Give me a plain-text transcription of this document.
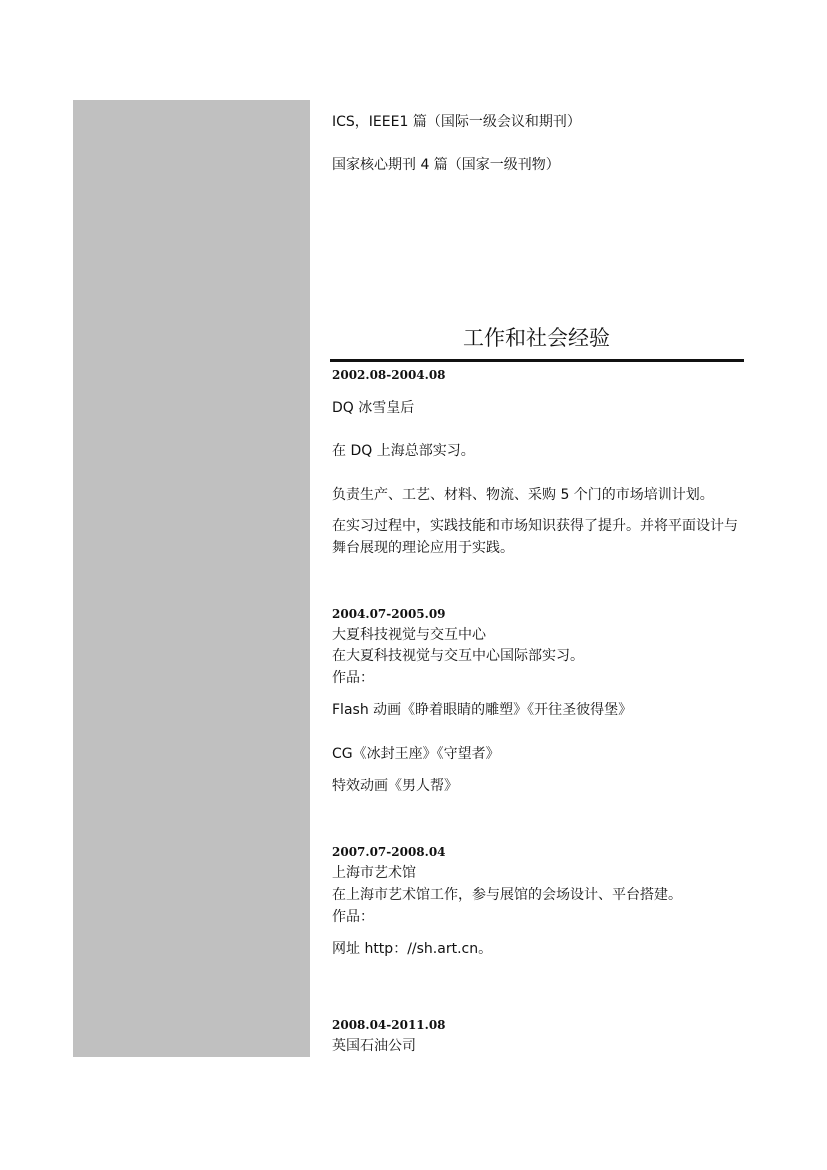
ICS，IEEE1 篇（国际一级会议和期刊）
国家核心期刊 4 篇（国家一级刊物）
工作和社会经验
2002.08-2004.08
DQ 冰雪皇后
在 DQ 上海总部实习。
负责生产、工艺、材料、物流、采购 5 个门的市场培训计划。
在实习过程中，实践技能和市场知识获得了提升。并将平面设计与舞台展现的理论应用于实践。
2004.07-2005.09
大夏科技视觉与交互中心
在大夏科技视觉与交互中心国际部实习。
作品：
Flash 动画《睁着眼睛的雕塑》《开往圣彼得堡》
CG《冰封王座》《守望者》
特效动画《男人帮》
2007.07-2008.04
上海市艺术馆
在上海市艺术馆工作，参与展馆的会场设计、平台搭建。
作品：
网址 http：//sh.art.cn。
2008.04-2011.08
英国石油公司
